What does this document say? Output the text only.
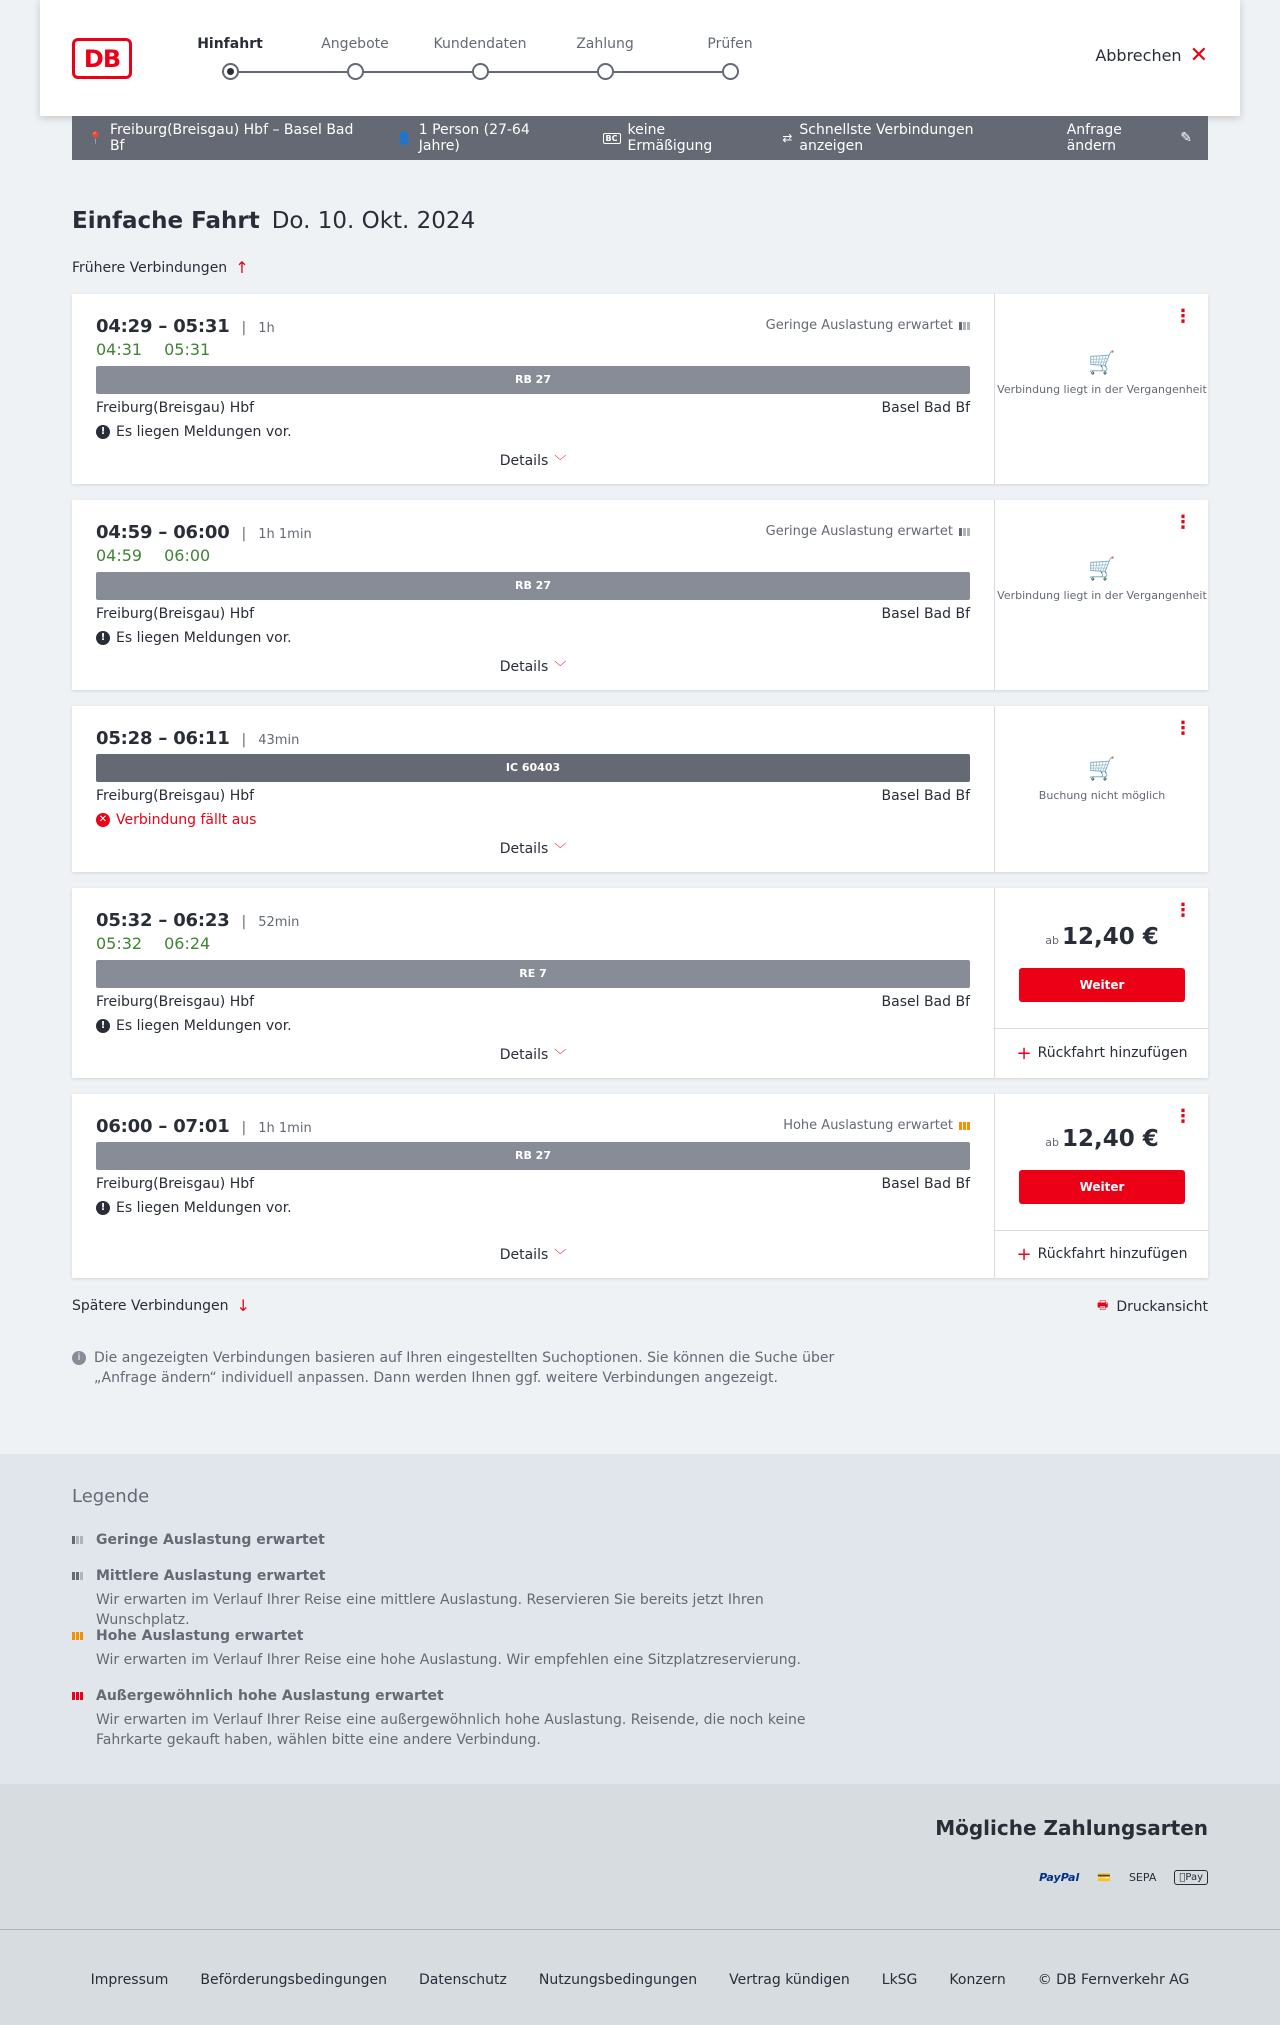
DB
Hinfahrt	Angebote	Kundendaten	Zahlung	Prüfen
Abbrechen ✕
📍 Freiburg(Breisgau) Hbf – Basel Bad Bf	👤 1 Person (27-64 Jahre)	BC keine Ermäßigung	⇄ Schnellste Verbindungen anzeigen
Anfrage ändern	✎
Einfache Fahrt Do. 10. Okt. 2024
Frühere Verbindungen ↑
04:29 – 05:31 | 1h
04:31 05:31
Geringe Auslastung erwartet
RB 27
Freiburg(Breisgau) Hbf	Basel Bad Bf
! Es liegen Meldungen vor.
Details ﹀
⋮
🛒
Verbindung liegt in der Vergangenheit
04:59 – 06:00 | 1h 1min
04:59 06:00
Geringe Auslastung erwartet
RB 27
Freiburg(Breisgau) Hbf	Basel Bad Bf
! Es liegen Meldungen vor.
Details ﹀
⋮
🛒
Verbindung liegt in der Vergangenheit
05:28 – 06:11 | 43min
IC 60403
Freiburg(Breisgau) Hbf	Basel Bad Bf
✕ Verbindung fällt aus
Details ﹀
⋮
🛒
Buchung nicht möglich
05:32 – 06:23 | 52min
05:32 06:24
RE 7
Freiburg(Breisgau) Hbf	Basel Bad Bf
! Es liegen Meldungen vor.
Details ﹀
⋮
ab 12,40 €
Weiter
+ Rückfahrt hinzufügen
06:00 – 07:01 | 1h 1min	Hohe Auslastung erwartet
RB 27
Freiburg(Breisgau) Hbf	Basel Bad Bf
! Es liegen Meldungen vor.
Details ﹀
⋮
ab 12,40 €
Weiter
+ Rückfahrt hinzufügen
Spätere Verbindungen ↓	🖶 Druckansicht
i Die angezeigten Verbindungen basieren auf Ihren eingestellten Suchoptionen. Sie können die Suche über „Anfrage ändern“ individuell anpassen. Dann werden Ihnen ggf. weitere Verbindungen angezeigt.
Legende
Geringe Auslastung erwartet
Mittlere Auslastung erwartet
Wir erwarten im Verlauf Ihrer Reise eine mittlere Auslastung. Reservieren Sie bereits jetzt Ihren Wunschplatz.
Hohe Auslastung erwartet
Wir erwarten im Verlauf Ihrer Reise eine hohe Auslastung. Wir empfehlen eine Sitzplatzreservierung.
Außergewöhnlich hohe Auslastung erwartet
Wir erwarten im Verlauf Ihrer Reise eine außergewöhnlich hohe Auslastung. Reisende, die noch keine Fahrkarte gekauft haben, wählen bitte eine andere Verbindung.
Mögliche Zahlungsarten
PayPal	💳	SEPA	Pay
Impressum Beförderungsbedingungen Datenschutz Nutzungsbedingungen Vertrag kündigen LkSG Konzern © DB Fernverkehr AG
